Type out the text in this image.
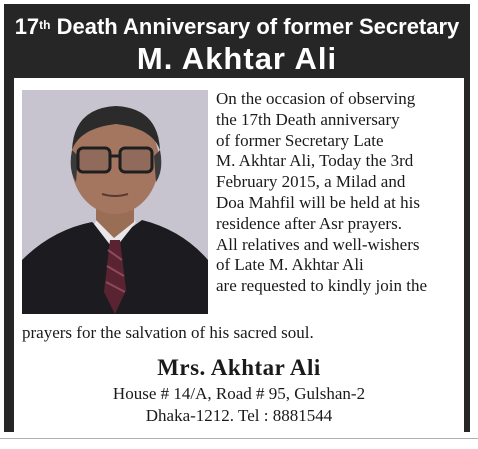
17th Death Anniversary of former Secretary
M. Akhtar Ali
On the occasion of observing
the 17th Death anniversary
of former Secretary Late
M. Akhtar Ali, Today the 3rd
February 2015, a Milad and
Doa Mahfil will be held at his
residence after Asr prayers.
All relatives and well-wishers
of Late M. Akhtar Ali
are requested to kindly join the
prayers for the salvation of his sacred soul.
Mrs. Akhtar Ali
House # 14/A, Road # 95, Gulshan-2
Dhaka-1212. Tel : 8881544
